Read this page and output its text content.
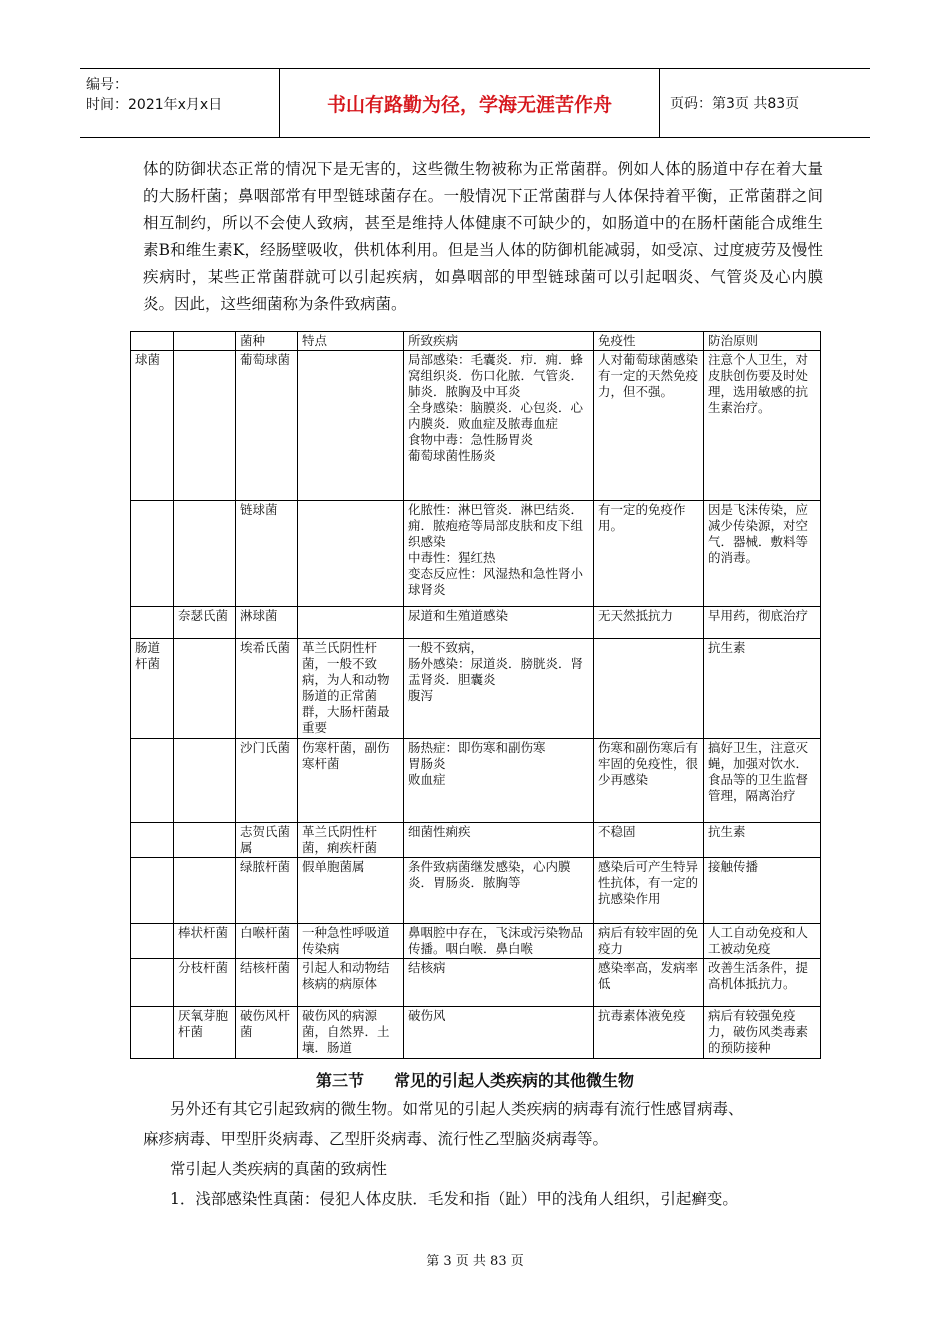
编号：
时间：2021年x月x日	书山有路勤为径，学海无涯苦作舟	页码：第3页 共83页

体的防御状态正常的情况下是无害的，这些微生物被称为正常菌群。例如人体的肠道中存在着大量的大肠杆菌；鼻咽部常有甲型链球菌存在。一般情况下正常菌群与人体保持着平衡，正常菌群之间相互制约，所以不会使人致病，甚至是维持人体健康不可缺少的，如肠道中的在肠杆菌能合成维生素B和维生素K，经肠壁吸收，供机体利用。但是当人体的防御机能减弱，如受凉、过度疲劳及慢性疾病时，某些正常菌群就可以引起疾病，如鼻咽部的甲型链球菌可以引起咽炎、气管炎及心内膜炎。因此，这些细菌称为条件致病菌。

		菌种	特点	所致疾病	免疫性	防治原则
球菌		葡萄球菌		局部感染：毛囊炎．疖．痈．蜂窝组织炎．伤口化脓．气管炎．肺炎．脓胸及中耳炎
全身感染：脑膜炎．心包炎．心内膜炎．败血症及脓毒血症
食物中毒：急性肠胃炎
葡萄球菌性肠炎	人对葡萄球菌感染有一定的天然免疫力，但不强。	注意个人卫生，对皮肤创伤要及时处理，选用敏感的抗生素治疗。
		链球菌		化脓性：淋巴管炎．淋巴结炎．痈．脓疱疮等局部皮肤和皮下组织感染
中毒性：猩红热
变态反应性：风湿热和急性肾小球肾炎	有一定的免疫作用。	因是飞沫传染，应减少传染源，对空气．器械．敷料等的消毒。
	奈瑟氏菌	淋球菌		尿道和生殖道感染	无天然抵抗力	早用药，彻底治疗
肠道杆菌		埃希氏菌	革兰氏阴性杆菌，一般不致病，为人和动物肠道的正常菌群，大肠杆菌最重要	一般不致病，
肠外感染：尿道炎．膀胱炎．肾盂肾炎．胆囊炎
腹泻		抗生素
		沙门氏菌	伤寒杆菌，副伤寒杆菌	肠热症：即伤寒和副伤寒
胃肠炎
败血症	伤寒和副伤寒后有牢固的免疫性，很少再感染	搞好卫生，注意灭蝇，加强对饮水．食品等的卫生监督管理，隔离治疗
		志贺氏菌属	革兰氏阴性杆菌，痢疾杆菌	细菌性痢疾	不稳固	抗生素
		绿脓杆菌	假单胞菌属	条件致病菌继发感染，心内膜炎．胃肠炎．脓胸等	感染后可产生特异性抗体，有一定的抗感染作用	接触传播
	棒状杆菌	白喉杆菌	一种急性呼吸道传染病	鼻咽腔中存在，飞沫或污染物品传播。咽白喉．鼻白喉	病后有较牢固的免疫力	人工自动免疫和人工被动免疫
	分枝杆菌	结核杆菌	引起人和动物结核病的病原体	结核病	感染率高，发病率低	改善生活条件，提高机体抵抗力。
	厌氧芽胞杆菌	破伤风杆菌	破伤风的病源菌，自然界．土壤．肠道	破伤风	抗毒素体液免疫	病后有较强免疫力，破伤风类毒素的预防接种
第三节 常见的引起人类疾病的其他微生物

另外还有其它引起致病的微生物。如常见的引起人类疾病的病毒有流行性感冒病毒、

麻疹病毒、甲型肝炎病毒、乙型肝炎病毒、流行性乙型脑炎病毒等。

常引起人类疾病的真菌的致病性

1．浅部感染性真菌：侵犯人体皮肤．毛发和指（趾）甲的浅角人组织，引起癣变。

第 3 页 共 83 页
